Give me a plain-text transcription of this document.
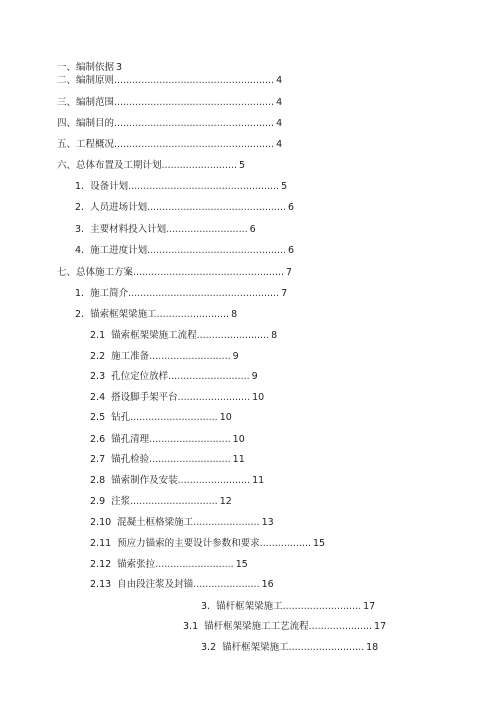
一、编制依据 3
二、编制原则 ..................................................... 4
三、编制范围 ..................................................... 4
四、编制目的 ..................................................... 4
五、工程概况 ..................................................... 4
六、总体布置及工期计划 ......................... 5
1. 设备计划 .................................................. 5
2. 人员进场计划 .............................................. 6
3. 主要材料投入计划 ........................... 6
4. 施工进度计划 .............................................. 6
七、总体施工方案 .................................................. 7
1. 施工简介 .................................................. 7
2. 锚索框架梁施工 ........................ 8
2.1 锚索框架梁施工流程 ........................ 8
2.2 施工准备 ........................... 9
2.3 孔位定位放样 ........................... 9
2.4 搭设脚手架平台 ........................ 10
2.5 钻孔 ............................. 10
2.6 锚孔清理 ........................... 10
2.7 锚孔检验 ........................... 11
2.8 锚索制作及安装 ........................ 11
2.9 注浆 ............................. 12
2.10 混凝土框格梁施工 ...................... 13
2.11 预应力锚索的主要设计参数和要求 ................. 15
2.12 锚索张拉 .......................... 15
2.13 自由段注浆及封锚 ...................... 16
3. 锚杆框架梁施工 .......................... 17
3.1 锚杆框架梁施工工艺流程 ..................... 17
3.2 锚杆框架梁施工 ......................... 18
